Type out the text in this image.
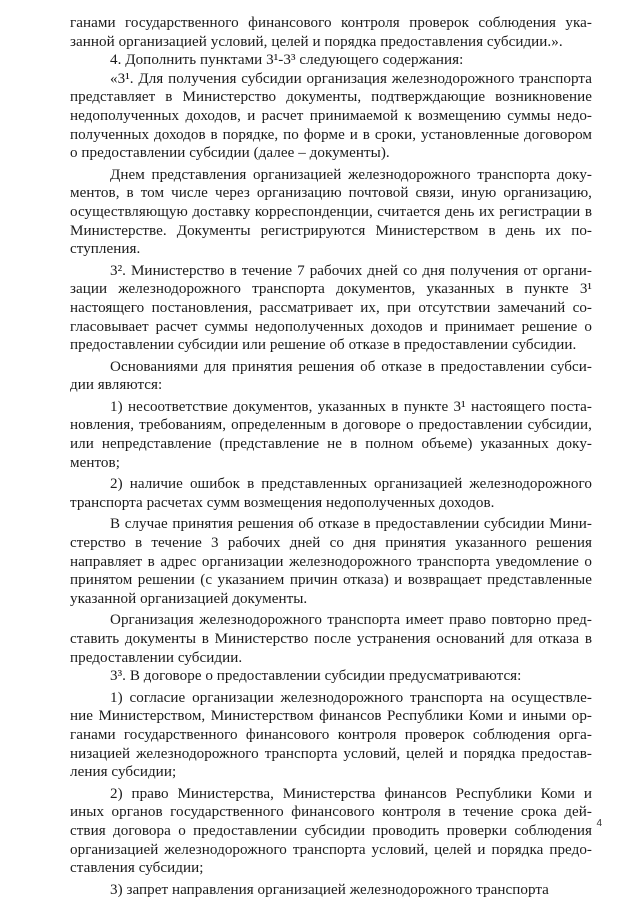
ганами государственного финансового контроля проверок соблюдения ука-занной организацией условий, целей и порядка предоставления субсидии.».

4. Дополнить пунктами 3¹-3³ следующего содержания:

«3¹. Для получения субсидии организация железнодорожного транспорта представляет в Министерство документы, подтверждающие возникновение недополученных доходов, и расчет принимаемой к возмещению суммы недо-полученных доходов в порядке, по форме и в сроки, установленные договором о предоставлении субсидии (далее – документы).

Днем представления организацией железнодорожного транспорта доку-ментов, в том числе через организацию почтовой связи, иную организацию, осуществляющую доставку корреспонденции, считается день их регистрации в Министерстве. Документы регистрируются Министерством в день их по-ступления.

3². Министерство в течение 7 рабочих дней со дня получения от органи-зации железнодорожного транспорта документов, указанных в пункте 3¹ настоящего постановления, рассматривает их, при отсутствии замечаний со-гласовывает расчет суммы недополученных доходов и принимает решение о предоставлении субсидии или решение об отказе в предоставлении субсидии.

Основаниями для принятия решения об отказе в предоставлении субси-дии являются:

1) несоответствие документов, указанных в пункте 3¹ настоящего поста-новления, требованиям, определенным в договоре о предоставлении субсидии, или непредставление (представление не в полном объеме) указанных доку-ментов;

2) наличие ошибок в представленных организацией железнодорожного транспорта расчетах сумм возмещения недополученных доходов.

В случае принятия решения об отказе в предоставлении субсидии Мини-стерство в течение 3 рабочих дней со дня принятия указанного решения направляет в адрес организации железнодорожного транспорта уведомление о принятом решении (с указанием причин отказа) и возвращает представленные указанной организацией документы.

Организация железнодорожного транспорта имеет право повторно пред-ставить документы в Министерство после устранения оснований для отказа в предоставлении субсидии.

3³. В договоре о предоставлении субсидии предусматриваются:

1) согласие организации железнодорожного транспорта на осуществле-ние Министерством, Министерством финансов Республики Коми и иными ор-ганами государственного финансового контроля проверок соблюдения орга-низацией железнодорожного транспорта условий, целей и порядка предостав-ления субсидии;

2) право Министерства, Министерства финансов Республики Коми и иных органов государственного финансового контроля в течение срока дей-ствия договора о предоставлении субсидии проводить проверки соблюдения организацией железнодорожного транспорта условий, целей и порядка предо-ставления субсидии;

3) запрет направления организацией железнодорожного транспорта

4
